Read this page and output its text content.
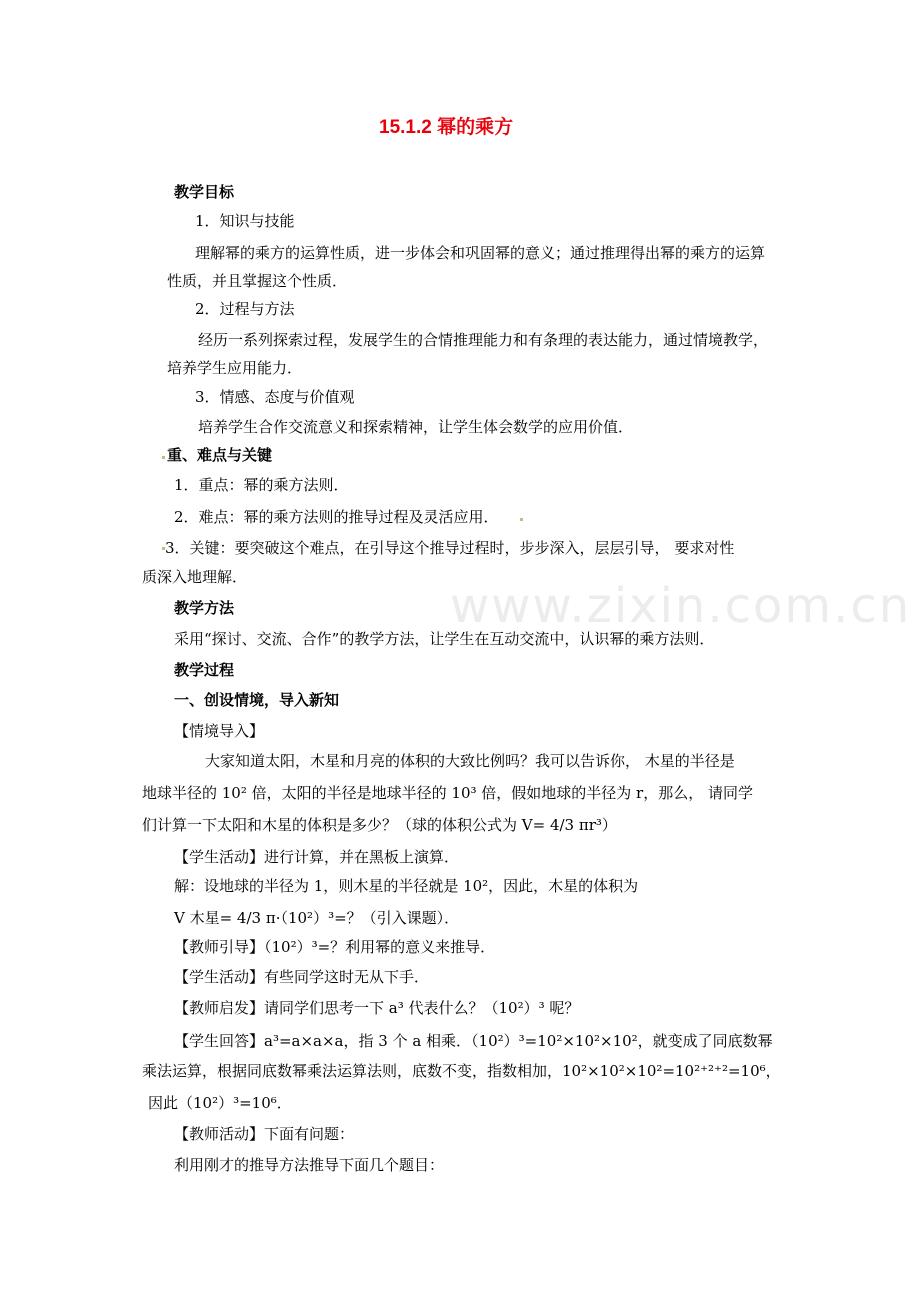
www.zixin.com.cn
15.1.2 幂的乘方
教学目标
1．知识与技能
理解幂的乘方的运算性质，进一步体会和巩固幂的意义；通过推理得出幂的乘方的运算
性质，并且掌握这个性质．
2．过程与方法
经历一系列探索过程，发展学生的合情推理能力和有条理的表达能力，通过情境教学，
培养学生应用能力．
3．情感、态度与价值观
培养学生合作交流意义和探索精神，让学生体会数学的应用价值．
重、难点与关键
1．重点：幂的乘方法则．
2．难点：幂的乘方法则的推导过程及灵活应用．
3．关键：要突破这个难点，在引导这个推导过程时，步步深入，层层引导， 要求对性
质深入地理解．
教学方法
采用“探讨、交流、合作”的教学方法，让学生在互动交流中，认识幂的乘方法则．
教学过程
一、创设情境，导入新知
【情境导入】
大家知道太阳，木星和月亮的体积的大致比例吗？我可以告诉你， 木星的半径是
地球半径的 10² 倍，太阳的半径是地球半径的 10³ 倍，假如地球的半径为 r，那么， 请同学
们计算一下太阳和木星的体积是多少？（球的体积公式为 V= 4/3 πr³）
【学生活动】进行计算，并在黑板上演算．
解：设地球的半径为 1，则木星的半径就是 10²，因此，木星的体积为
V 木星= 4/3 π·（10²）³=？（引入课题）．
【教师引导】（10²）³=？利用幂的意义来推导．
【学生活动】有些同学这时无从下手．
【教师启发】请同学们思考一下 a³ 代表什么？（10²）³ 呢？
【学生回答】a³=a×a×a，指 3 个 a 相乘．（10²）³=10²×10²×10²，就变成了同底数幂
乘法运算，根据同底数幂乘法运算法则，底数不变，指数相加，10²×10²×10²=10²⁺²⁺²=10⁶，
因此（10²）³=10⁶．
【教师活动】下面有问题：
利用刚才的推导方法推导下面几个题目：
